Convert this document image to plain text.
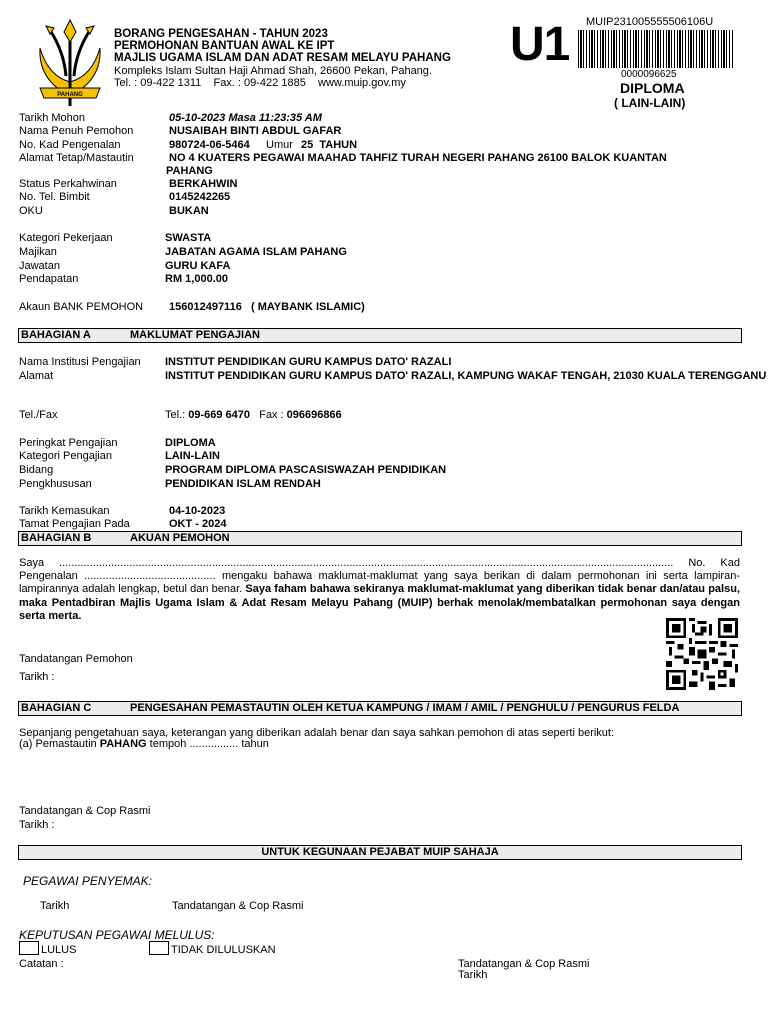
PAHANG
BORANG PENGESAHAN - TAHUN 2023
PERMOHONAN BANTUAN AWAL KE IPT
MAJLIS UGAMA ISLAM DAN ADAT RESAM MELAYU PAHANG
Kompleks Islam Sultan Haji Ahmad Shah, 26600 Pekan, Pahang.
Tel. : 09-422 1311    Fax. : 09-422 1885    www.muip.gov.my
U1 MUIP231005555506106U
0000096625
DIPLOMA
( LAIN-LAIN)
Tarikh Mohon	05-10-2023 Masa 11:23:35 AM
Nama Penuh Pemohon	NUSAIBAH BINTI ABDUL GAFAR
No. Kad Pengenalan	980724-06-5464 Umur 25  TAHUN
Alamat Tetap/Mastautin	NO 4 KUATERS PEGAWAI MAAHAD TAHFIZ TURAH NEGERI PAHANG 26100 BALOK KUANTAN
PAHANG
Status Perkahwinan	BERKAHWIN
No. Tel. Bimbit	0145242265
OKU	BUKAN
Kategori Pekerjaan	SWASTA
Majikan	JABATAN AGAMA ISLAM PAHANG
Jawatan	GURU KAFA
Pendapatan	RM 1,000.00
Akaun BANK PEMOHON 156012497116   ( MAYBANK ISLAMIC)
BAHAGIAN A	MAKLUMAT PENGAJIAN
Nama Institusi Pengajian INSTITUT PENDIDIKAN GURU KAMPUS DATO' RAZALI
Alamat	INSTITUT PENDIDIKAN GURU KAMPUS DATO' RAZALI, KAMPUNG WAKAF TENGAH, 21030 KUALA TERENGGANU
Tel./Fax	Tel.: 09-669 6470 Fax : 096696866
Peringkat Pengajian	DIPLOMA
Kategori Pengajian	LAIN-LAIN
Bidang	PROGRAM DIPLOMA PASCASISWAZAH PENDIDIKAN
Pengkhususan	PENDIDIKAN ISLAM RENDAH
Tarikh Kemasukan	04-10-2023
Tamat Pengajian Pada	OKT - 2024
BAHAGIAN B	AKUAN PEMOHON
Saya ......................................................................................................................................................................................................... No. Kad Pengenalan ........................................... mengaku bahawa maklumat-maklumat yang saya berikan di dalam permohonan ini serta lampiran-lampirannya adalah lengkap, betul dan benar. Saya faham bahawa sekiranya maklumat-maklumat yang diberikan tidak benar dan/atau palsu, maka Pentadbiran Majlis Ugama Islam & Adat Resam Melayu Pahang (MUIP) berhak menolak/membatalkan permohonan saya dengan serta merta.
Tandatangan Pemohon
Tarikh :
BAHAGIAN C	PENGESAHAN PEMASTAUTIN OLEH KETUA KAMPUNG / IMAM / AMIL / PENGHULU / PENGURUS FELDA
Sepanjang pengetahuan saya, keterangan yang diberikan adalah benar dan saya sahkan pemohon di atas seperti berikut:
(a) Pemastautin PAHANG tempoh ................ tahun
Tandatangan & Cop Rasmi
Tarikh :
UNTUK KEGUNAAN PEJABAT MUIP SAHAJA
PEGAWAI PENYEMAK:
Tarikh	Tandatangan & Cop Rasmi
KEPUTUSAN PEGAWAI MELULUS:
LULUS	TIDAK DILULUSKAN
Catatan :	Tandatangan & Cop Rasmi
Tarikh
